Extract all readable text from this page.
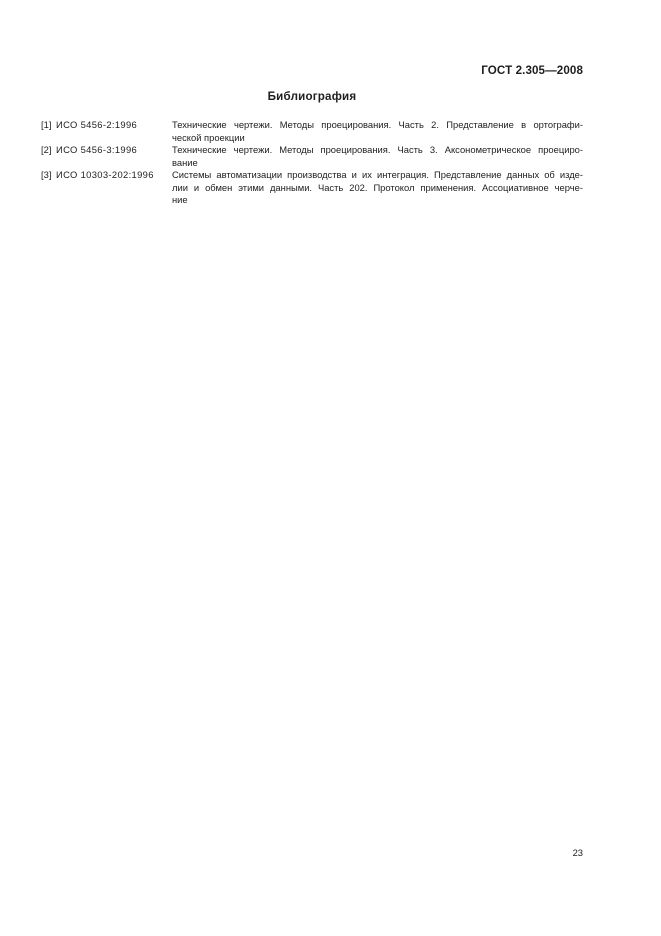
ГОСТ 2.305—2008
Библиография
[1] ИСО 5456-2:1996	Технические чертежи. Методы проецирования. Часть 2. Представление в ортографи-
ческой проекции
[2] ИСО 5456-3:1996	Технические чертежи. Методы проецирования. Часть 3. Аксонометрическое проециро-
вание
[3] ИСО 10303-202:1996	Системы автоматизации производства и их интеграция. Представление данных об изде-
лии и обмен этими данными. Часть 202. Протокол применения. Ассоциативное черче-
ние
23
